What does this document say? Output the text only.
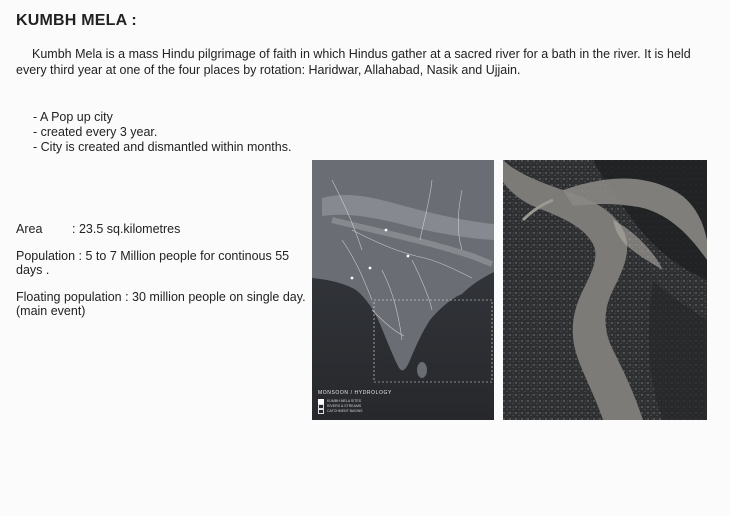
KUMBH MELA :
Kumbh Mela is a mass Hindu pilgrimage of faith in which Hindus gather at a sacred river for a bath in the river. It is held every third year at one of the four places by rotation: Haridwar, Allahabad, Nasik and Ujjain.
- A Pop up city
- created every 3 year.
- City is created and dismantled within months.
Area : 23.5 sq.kilometres
Population : 5 to 7 Million people for continous 55 days .
Floating population : 30 million people on single day. (main event)
MONSOON / HYDROLOGY
KUMBH MELA SITES
RIVERS & STREAMS
CATCHMENT BASINS
